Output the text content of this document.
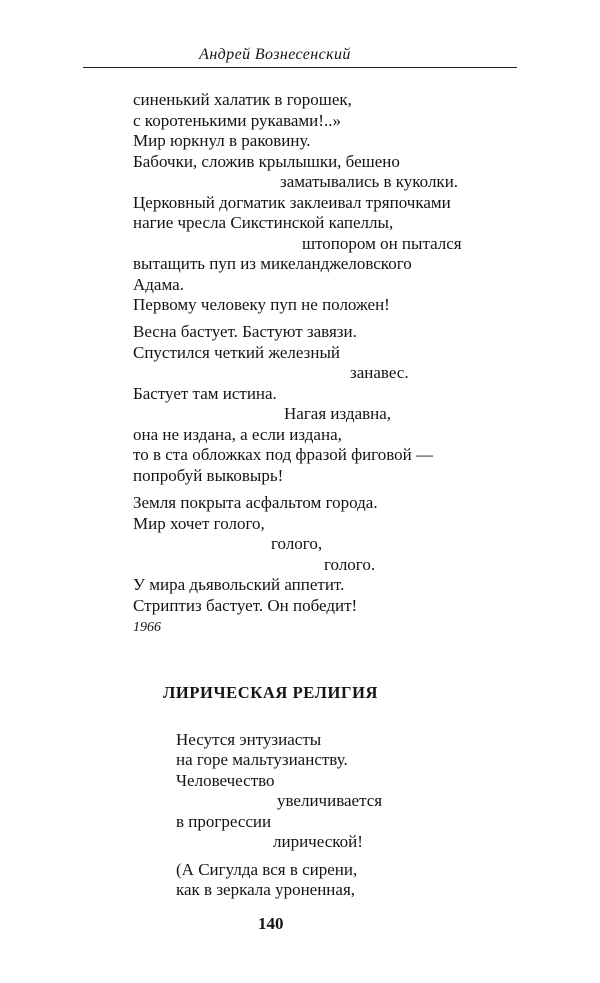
Андрей Вознесенский
синенький халатик в горошек,
с коротенькими рукавами!..»
Мир юркнул в раковину.
Бабочки, сложив крылышки, бешено
заматывались в куколки.
Церковный догматик заклеивал тряпочками
нагие чресла Сикстинской капеллы,
штопором он пытался
вытащить пуп из микеланджеловского
Адама.
Первому человеку пуп не положен!
Весна бастует. Бастуют завязи.
Спустился четкий железный
занавес.
Бастует там истина.
Нагая издавна,
она не издана, а если издана,
то в ста обложках под фразой фиговой —
попробуй выковырь!
Земля покрыта асфальтом города.
Мир хочет голого,
голого,
голого.
У мира дьявольский аппетит.
Стриптиз бастует. Он победит!
1966
ЛИРИЧЕСКАЯ РЕЛИГИЯ
Несутся энтузиасты
на горе мальтузианству.
Человечество
увеличивается
в прогрессии
лирической!
(А Сигулда вся в сирени,
как в зеркала уроненная,
140
